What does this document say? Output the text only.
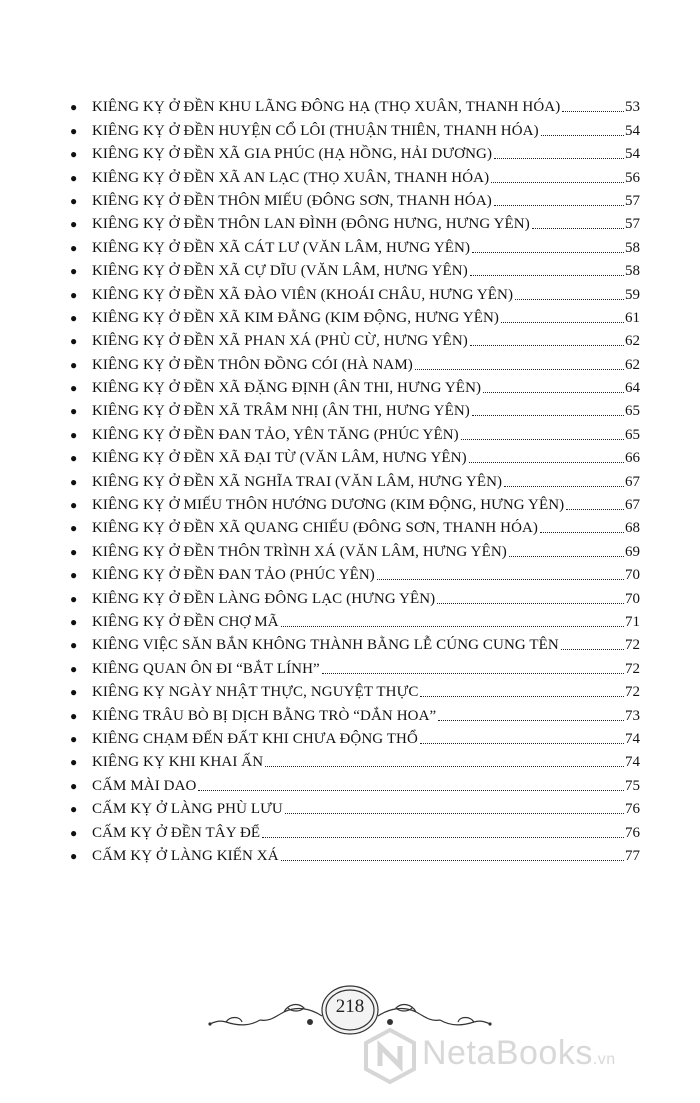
● KIÊNG KỴ Ở ĐỀN KHU LÃNG ĐÔNG HẠ (THỌ XUÂN, THANH HÓA)	53
● KIÊNG KỴ Ở ĐỀN HUYỆN CỔ LÔI (THUẬN THIÊN, THANH HÓA)	54
● KIÊNG KỴ Ở ĐỀN XÃ GIA PHÚC (HẠ HỒNG, HẢI DƯƠNG)	54
● KIÊNG KỴ Ở ĐỀN XÃ AN LẠC (THỌ XUÂN, THANH HÓA)	56
● KIÊNG KỴ Ở ĐỀN THÔN MIẾU (ĐÔNG SƠN, THANH HÓA)	57
● KIÊNG KỴ Ở ĐỀN THÔN LAN ĐÌNH (ĐÔNG HƯNG, HƯNG YÊN)	57
● KIÊNG KỴ Ở ĐỀN XÃ CÁT LƯ (VĂN LÂM, HƯNG YÊN)	58
● KIÊNG KỴ Ở ĐỀN XÃ CỰ DĨU (VĂN LÂM, HƯNG YÊN)	58
● KIÊNG KỴ Ở ĐỀN XÃ ĐÀO VIÊN (KHOÁI CHÂU, HƯNG YÊN)	59
● KIÊNG KỴ Ở ĐỀN XÃ KIM ĐẰNG (KIM ĐỘNG, HƯNG YÊN)	61
● KIÊNG KỴ Ở ĐỀN XÃ PHAN XÁ (PHÙ CỪ, HƯNG YÊN)	62
● KIÊNG KỴ Ở ĐỀN THÔN ĐỒNG CÓI (HÀ NAM)	62
● KIÊNG KỴ Ở ĐỀN XÃ ĐẶNG ĐỊNH (ÂN THI, HƯNG YÊN)	64
● KIÊNG KỴ Ở ĐỀN XÃ TRÂM NHỊ (ÂN THI, HƯNG YÊN)	65
● KIÊNG KỴ Ở ĐỀN ĐAN TẢO, YÊN TĂNG (PHÚC YÊN)	65
● KIÊNG KỴ Ở ĐỀN XÃ ĐẠI TỪ (VĂN LÂM, HƯNG YÊN)	66
● KIÊNG KỴ Ở ĐỀN XÃ NGHĨA TRAI (VĂN LÂM, HƯNG YÊN)	67
● KIÊNG KỴ Ở MIẾU THÔN HƯỚNG DƯƠNG (KIM ĐỘNG, HƯNG YÊN)	67
● KIÊNG KỴ Ở ĐỀN XÃ QUANG CHIẾU (ĐÔNG SƠN, THANH HÓA)	68
● KIÊNG KỴ Ở ĐỀN THÔN TRÌNH XÁ (VĂN LÂM, HƯNG YÊN)	69
● KIÊNG KỴ Ở ĐỀN ĐAN TẢO (PHÚC YÊN)	70
● KIÊNG KỴ Ở ĐỀN LÀNG ĐÔNG LẠC (HƯNG YÊN)	70
● KIÊNG KỴ Ở ĐỀN CHỢ MÃ	71
● KIÊNG VIỆC SĂN BẮN KHÔNG THÀNH BẰNG LỄ CÚNG CUNG TÊN	72
● KIÊNG QUAN ÔN ĐI “BẮT LÍNH”	72
● KIÊNG KỴ NGÀY NHẬT THỰC, NGUYỆT THỰC	72
● KIÊNG TRÂU BÒ BỊ DỊCH BẰNG TRÒ “DẮN HOA”	73
● KIÊNG CHẠM ĐẾN ĐẤT KHI CHƯA ĐỘNG THỔ	74
● KIÊNG KỴ KHI KHAI ẤN	74
● CẤM MÀI DAO	75
● CẤM KỴ Ở LÀNG PHÙ LƯU	76
● CẤM KỴ Ở ĐỀN TÂY ĐỂ	76
● CẤM KỴ Ở LÀNG KIẾN XÁ	77
218
NetaBooks.vn
